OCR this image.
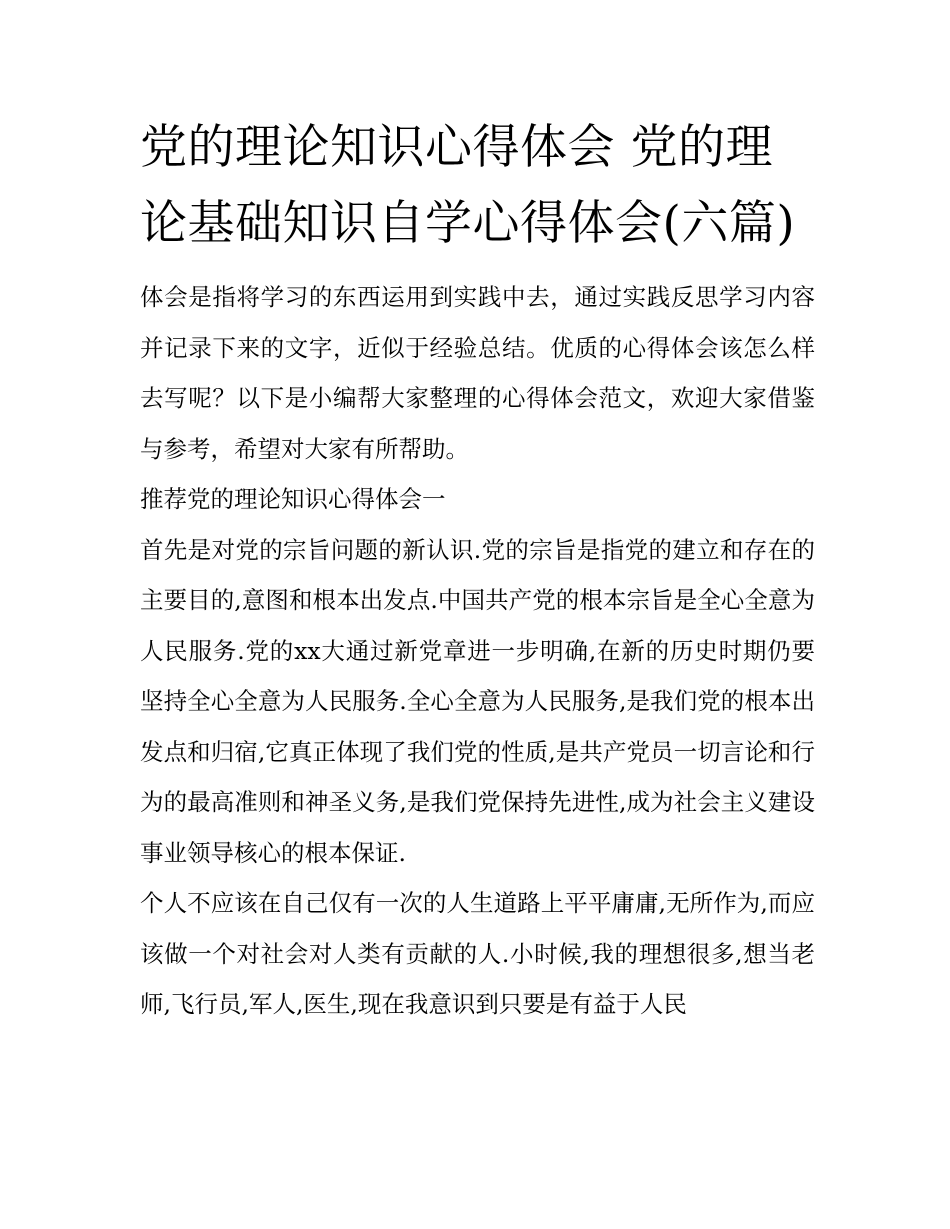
党的理论知识心得体会 党的理论基础知识自学心得体会(六篇)

体会是指将学习的东西运用到实践中去，通过实践反思学习内容并记录下来的文字，近似于经验总结。优质的心得体会该怎么样去写呢？以下是小编帮大家整理的心得体会范文，欢迎大家借鉴与参考，希望对大家有所帮助。

推荐党的理论知识心得体会一

首先是对党的宗旨问题的新认识.党的宗旨是指党的建立和存在的主要目的,意图和根本出发点.中国共产党的根本宗旨是全心全意为人民服务.党的xx大通过新党章进一步明确,在新的历史时期仍要坚持全心全意为人民服务.全心全意为人民服务,是我们党的根本出发点和归宿,它真正体现了我们党的性质,是共产党员一切言论和行为的最高准则和神圣义务,是我们党保持先进性,成为社会主义建设事业领导核心的根本保证.

个人不应该在自己仅有一次的人生道路上平平庸庸,无所作为,而应该做一个对社会对人类有贡献的人.小时候,我的理想很多,想当老师,飞行员,军人,医生,现在我意识到只要是有益于人民
